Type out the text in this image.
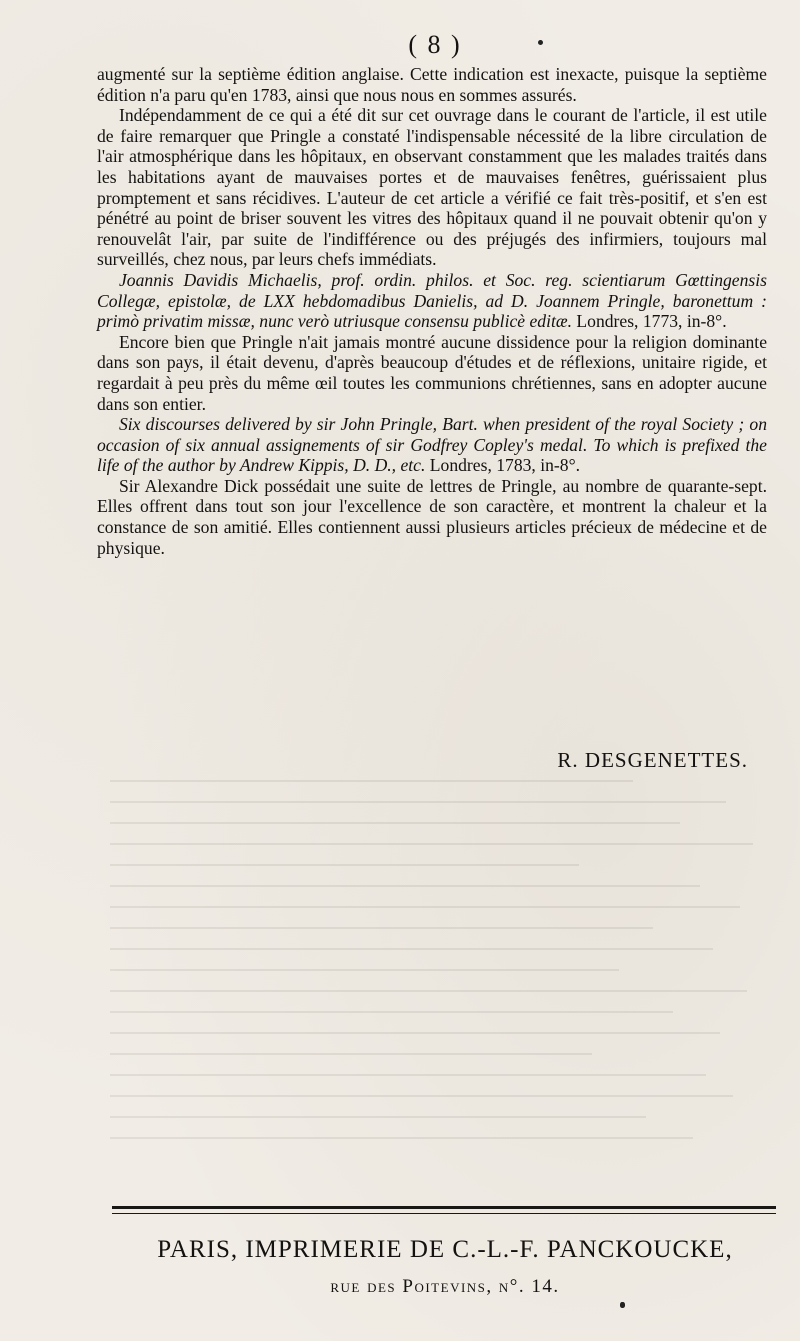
( 8 )

augmenté sur la septième édition anglaise. Cette indication est inexacte, puisque la septième édition n'a paru qu'en 1783, ainsi que nous nous en sommes assurés.

Indépendamment de ce qui a été dit sur cet ouvrage dans le courant de l'article, il est utile de faire remarquer que Pringle a constaté l'indispensable nécessité de la libre circulation de l'air atmosphérique dans les hôpitaux, en observant constamment que les malades traités dans les habitations ayant de mauvaises portes et de mauvaises fenêtres, guérissaient plus promptement et sans récidives. L'auteur de cet article a vérifié ce fait très-positif, et s'en est pénétré au point de briser souvent les vitres des hôpitaux quand il ne pouvait obtenir qu'on y renouvelât l'air, par suite de l'indifférence ou des préjugés des infirmiers, toujours mal surveillés, chez nous, par leurs chefs immédiats.

Joannis Davidis Michaelis, prof. ordin. philos. et Soc. reg. scientiarum Gœttingensis Collegæ, epistolæ, de LXX hebdomadibus Danielis, ad D. Joannem Pringle, baronettum : primò privatim missæ, nunc verò utriusque consensu publicè editæ. Londres, 1773, in-8°.

Encore bien que Pringle n'ait jamais montré aucune dissidence pour la religion dominante dans son pays, il était devenu, d'après beaucoup d'études et de réflexions, unitaire rigide, et regardait à peu près du même œil toutes les communions chrétiennes, sans en adopter aucune dans son entier.

Six discourses delivered by sir John Pringle, Bart. when president of the royal Society ; on occasion of six annual assignements of sir Godfrey Copley's medal. To which is prefixed the life of the author by Andrew Kippis, D. D., etc. Londres, 1783, in-8°.

Sir Alexandre Dick possédait une suite de lettres de Pringle, au nombre de quarante-sept. Elles offrent dans tout son jour l'excellence de son caractère, et montrent la chaleur et la constance de son amitié. Elles contiennent aussi plusieurs articles précieux de médecine et de physique.

R. DESGENETTES.
PARIS, IMPRIMERIE DE C.-L.-F. PANCKOUCKE,
rue des Poitevins, n°. 14.
